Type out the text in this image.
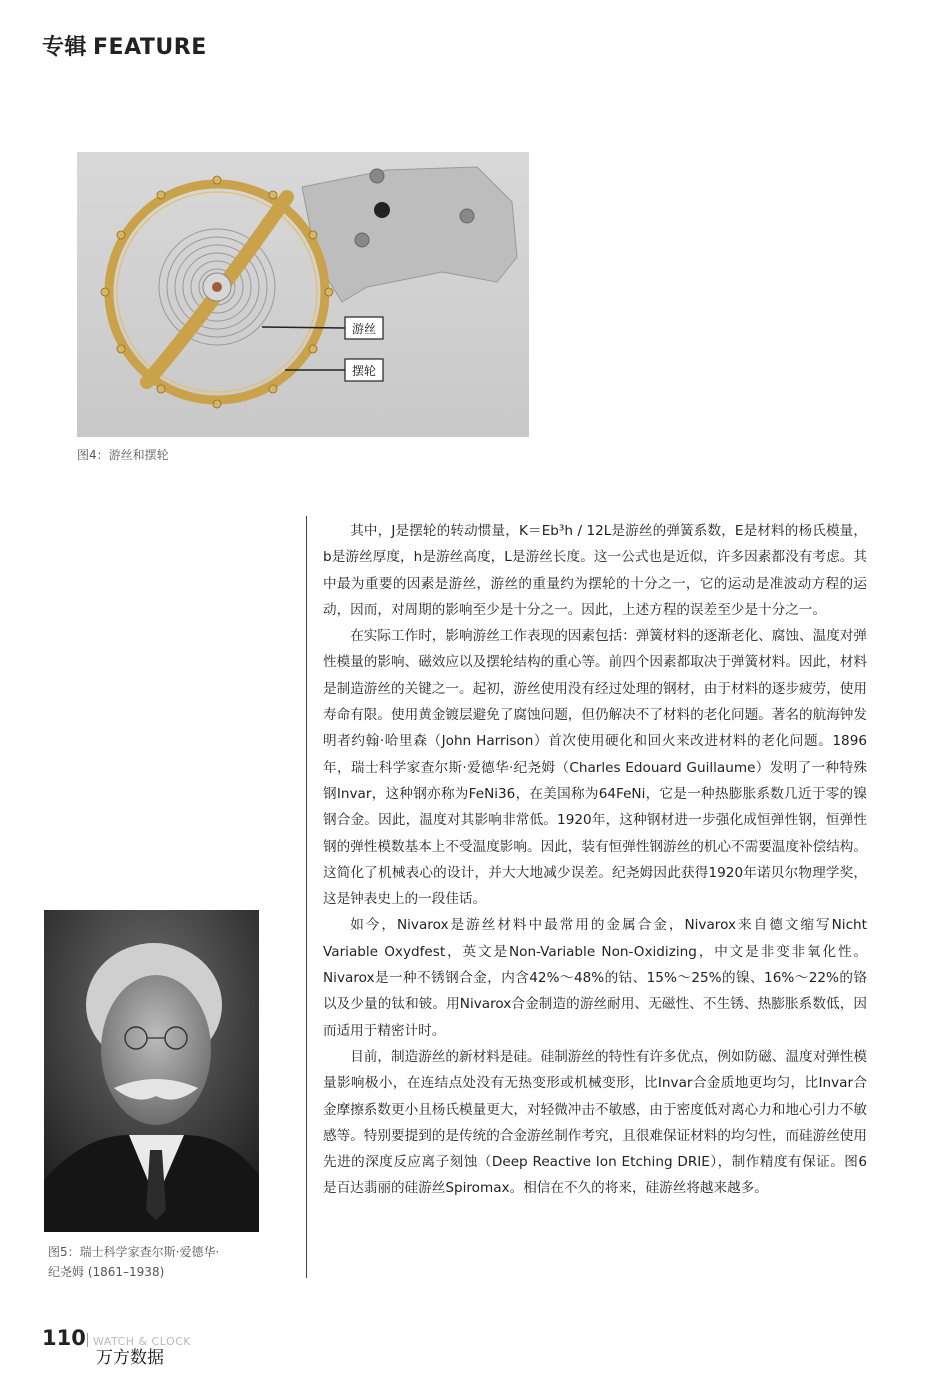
专辑 FEATURE
游丝
摆轮
图4：游丝和摆轮
图5：瑞士科学家查尔斯·爱德华·
纪尧姆 (1861–1938)

其中，J是摆轮的转动惯量，K＝Eb³h / 12L是游丝的弹簧系数，E是材料的杨氏模量，b是游丝厚度，h是游丝高度，L是游丝长度。这一公式也是近似，许多因素都没有考虑。其中最为重要的因素是游丝，游丝的重量约为摆轮的十分之一，它的运动是准波动方程的运动，因而，对周期的影响至少是十分之一。因此，上述方程的误差至少是十分之一。

在实际工作时，影响游丝工作表现的因素包括：弹簧材料的逐渐老化、腐蚀、温度对弹性模量的影响、磁效应以及摆轮结构的重心等。前四个因素都取决于弹簧材料。因此，材料是制造游丝的关键之一。起初，游丝使用没有经过处理的钢材，由于材料的逐步疲劳，使用寿命有限。使用黄金镀层避免了腐蚀问题，但仍解决不了材料的老化问题。著名的航海钟发明者约翰·哈里森（John Harrison）首次使用硬化和回火来改进材料的老化问题。1896年，瑞士科学家查尔斯·爱德华·纪尧姆（Charles Edouard Guillaume）发明了一种特殊钢Invar，这种钢亦称为FeNi36，在美国称为64FeNi，它是一种热膨胀系数几近于零的镍钢合金。因此，温度对其影响非常低。1920年，这种钢材进一步强化成恒弹性钢，恒弹性钢的弹性模数基本上不受温度影响。因此，装有恒弹性钢游丝的机心不需要温度补偿结构。这简化了机械表心的设计，并大大地减少误差。纪尧姆因此获得1920年诺贝尔物理学奖，这是钟表史上的一段佳话。

如今，Nivarox是游丝材料中最常用的金属合金，Nivarox来自德文缩写Nicht Variable Oxydfest，英文是Non-Variable Non-Oxidizing，中文是非变非氧化性。Nivarox是一种不锈钢合金，内含42%～48%的钴、15%～25%的镍、16%～22%的铬以及少量的钛和铍。用Nivarox合金制造的游丝耐用、无磁性、不生锈、热膨胀系数低，因而适用于精密计时。

目前，制造游丝的新材料是硅。硅制游丝的特性有许多优点，例如防磁、温度对弹性模量影响极小，在连结点处没有无热变形或机械变形，比Invar合金质地更均匀，比Invar合金摩擦系数更小且杨氏模量更大，对轻微冲击不敏感，由于密度低对离心力和地心引力不敏感等。特别要提到的是传统的合金游丝制作考究，且很难保证材料的均匀性，而硅游丝使用先进的深度反应离子刻蚀（Deep Reactive Ion Etching DRIE），制作精度有保证。图6是百达翡丽的硅游丝Spiromax。相信在不久的将来，硅游丝将越来越多。

110 WATCH & CLOCK
万方数据
